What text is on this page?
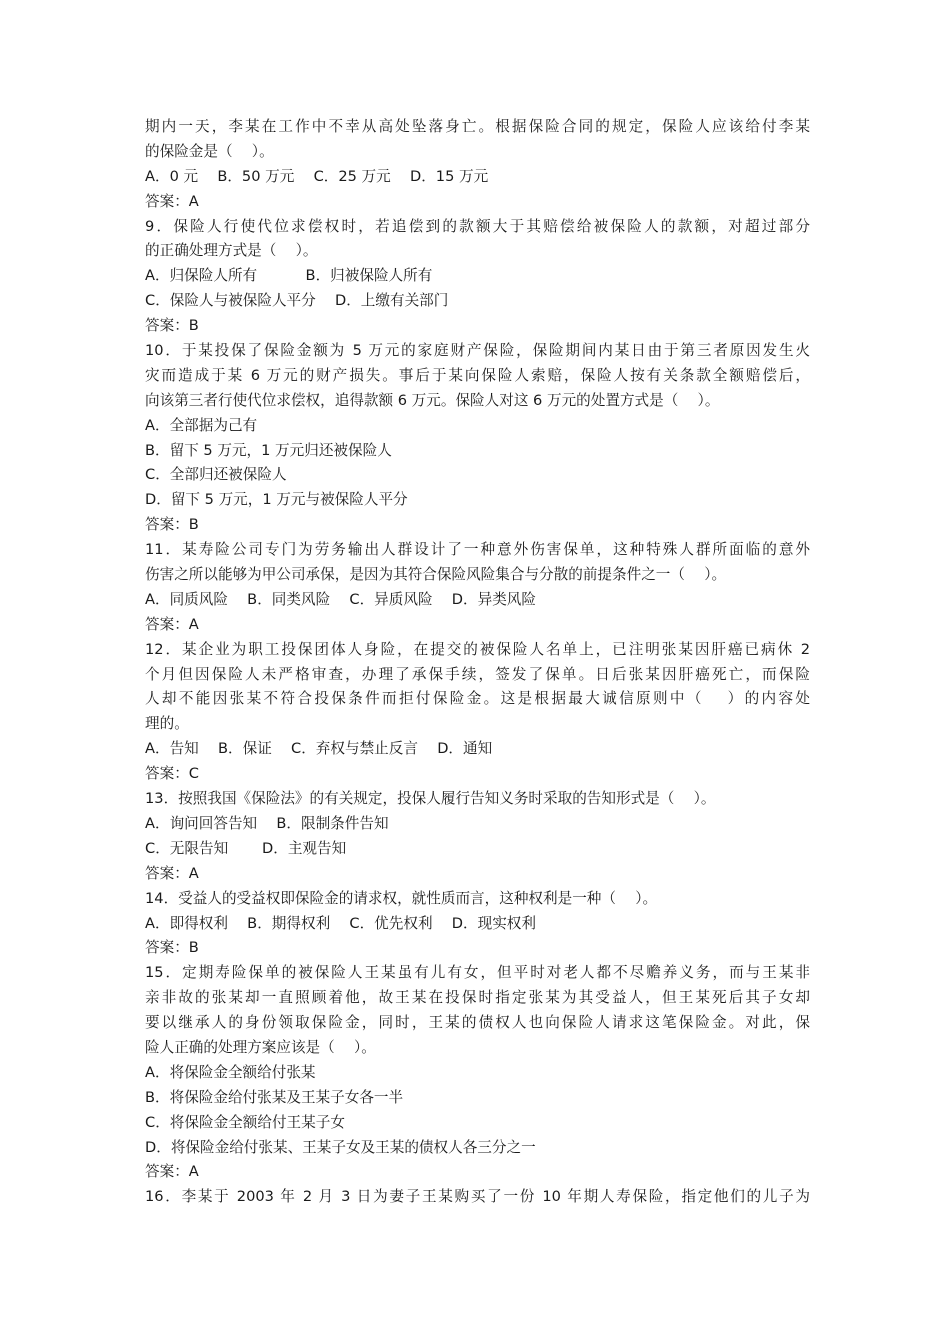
期内一天，李某在工作中不幸从高处坠落身亡。根据保险合同的规定，保险人应该给付李某
的保险金是（　 ）。
A．0 元　 B．50 万元　 C．25 万元　 D．15 万元
答案：A
9．保险人行使代位求偿权时，若追偿到的款额大于其赔偿给被保险人的款额，对超过部分
的正确处理方式是（　 ）。
A．归保险人所有　　　 B．归被保险人所有
C．保险人与被保险人平分　 D．上缴有关部门
答案：B
10．于某投保了保险金额为 5 万元的家庭财产保险，保险期间内某日由于第三者原因发生火
灾而造成于某 6 万元的财产损失。事后于某向保险人索赔，保险人按有关条款全额赔偿后，
向该第三者行使代位求偿权，追得款额 6 万元。保险人对这 6 万元的处置方式是（　 ）。
A．全部据为己有
B．留下 5 万元，1 万元归还被保险人
C．全部归还被保险人
D．留下 5 万元，1 万元与被保险人平分
答案：B
11．某寿险公司专门为劳务输出人群设计了一种意外伤害保单，这种特殊人群所面临的意外
伤害之所以能够为甲公司承保，是因为其符合保险风险集合与分散的前提条件之一（　 ）。
A．同质风险　 B．同类风险　 C．异质风险　 D．异类风险
答案：A
12．某企业为职工投保团体人身险，在提交的被保险人名单上，已注明张某因肝癌已病休 2
个月但因保险人未严格审查，办理了承保手续，签发了保单。日后张某因肝癌死亡，而保险
人却不能因张某不符合投保条件而拒付保险金。这是根据最大诚信原则中（　 ）的内容处
理的。
A．告知　 B．保证　 C．弃权与禁止反言　 D．通知
答案：C
13．按照我国《保险法》的有关规定，投保人履行告知义务时采取的告知形式是（　 ）。
A．询问回答告知　 B．限制条件告知
C．无限告知　　 D．主观告知
答案：A
14．受益人的受益权即保险金的请求权，就性质而言，这种权利是一种（　 ）。
A．即得权利　 B．期得权利　 C．优先权利　 D．现实权利
答案：B
15．定期寿险保单的被保险人王某虽有儿有女，但平时对老人都不尽赡养义务，而与王某非
亲非故的张某却一直照顾着他，故王某在投保时指定张某为其受益人，但王某死后其子女却
要以继承人的身份领取保险金，同时，王某的债权人也向保险人请求这笔保险金。对此，保
险人正确的处理方案应该是（　 ）。
A．将保险金全额给付张某
B．将保险金给付张某及王某子女各一半
C．将保险金全额给付王某子女
D．将保险金给付张某、王某子女及王某的债权人各三分之一
答案：A
16．李某于 2003 年 2 月 3 日为妻子王某购买了一份 10 年期人寿保险，指定他们的儿子为
